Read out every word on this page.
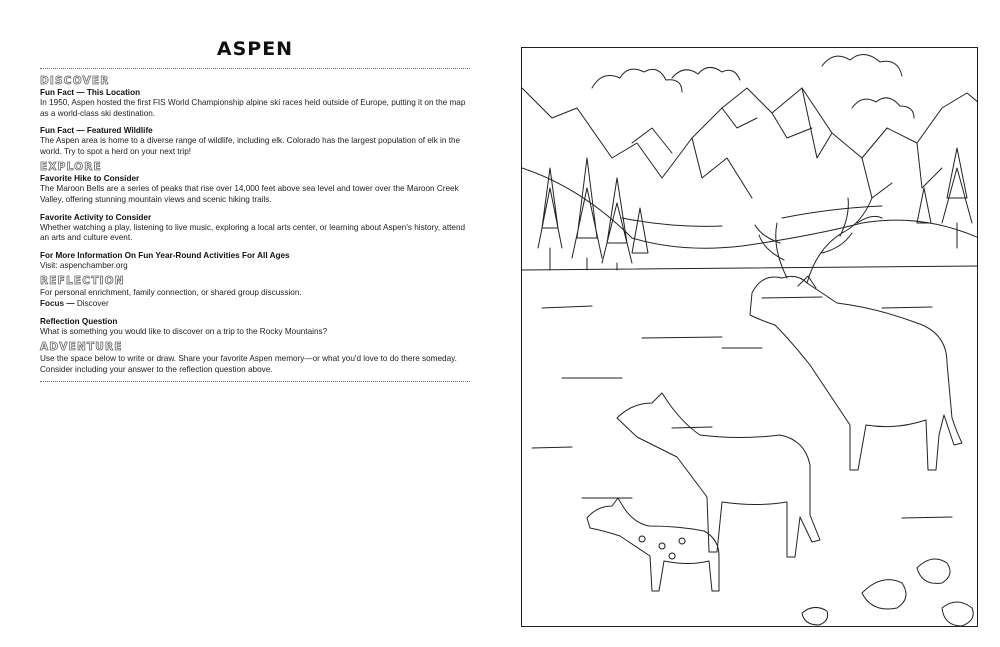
ASPEN
DISCOVER

Fun Fact — This Location

In 1950, Aspen hosted the first FIS World Championship alpine ski races held outside of Europe, putting it on the map as a world-class ski destination.

Fun Fact — Featured Wildlife

The Aspen area is home to a diverse range of wildlife, including elk. Colorado has the largest population of elk in the world. Try to spot a herd on your next trip!

EXPLORE

Favorite Hike to Consider

The Maroon Bells are a series of peaks that rise over 14,000 feet above sea level and tower over the Maroon Creek Valley, offering stunning mountain views and scenic hiking trails.

Favorite Activity to Consider

Whether watching a play, listening to live music, exploring a local arts center, or learning about Aspen’s history, attend an arts and culture event.

For More Information On Fun Year-Round Activities For All Ages

Visit: aspenchamber.org

REFLECTION

For personal enrichment, family connection, or shared group discussion.

Focus — Discover

Reflection Question

What is something you would like to discover on a trip to the Rocky Mountains?

ADVENTURE

Use the space below to write or draw. Share your favorite Aspen memory—or what you'd love to do there someday. Consider including your answer to the reflection question above.
